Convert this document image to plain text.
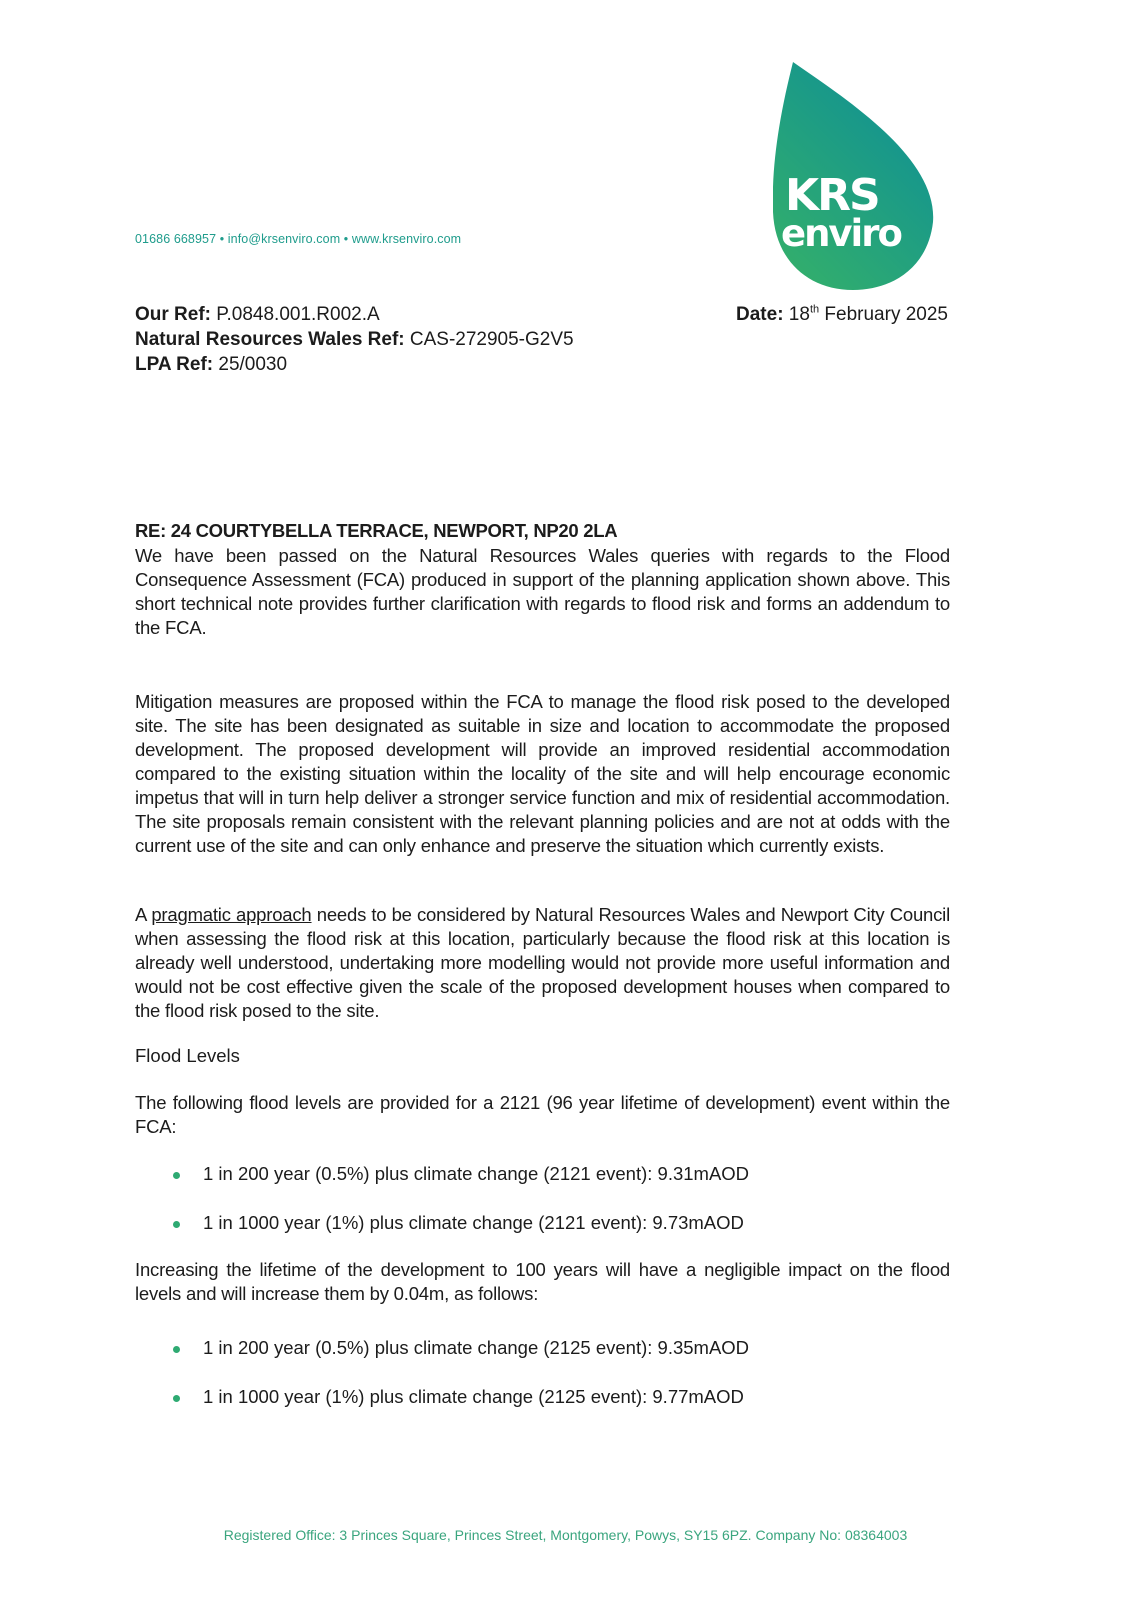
KRS
enviro
01686 668957 • info@krsenviro.com • www.krsenviro.com
Our Ref: P.0848.001.R002.A
Natural Resources Wales Ref: CAS-272905-G2V5
LPA Ref: 25/0030
Date: 18th February 2025
RE: 24 COURTYBELLA TERRACE, NEWPORT, NP20 2LA
We have been passed on the Natural Resources Wales queries with regards to the Flood Consequence Assessment (FCA) produced in support of the planning application shown above. This short technical note provides further clarification with regards to flood risk and forms an addendum to the FCA.
Mitigation measures are proposed within the FCA to manage the flood risk posed to the developed site. The site has been designated as suitable in size and location to accommodate the proposed development. The proposed development will provide an improved residential accommodation compared to the existing situation within the locality of the site and will help encourage economic impetus that will in turn help deliver a stronger service function and mix of residential accommodation. The site proposals remain consistent with the relevant planning policies and are not at odds with the current use of the site and can only enhance and preserve the situation which currently exists.
A pragmatic approach needs to be considered by Natural Resources Wales and Newport City Council when assessing the flood risk at this location, particularly because the flood risk at this location is already well understood, undertaking more modelling would not provide more useful information and would not be cost effective given the scale of the proposed development houses when compared to the flood risk posed to the site.
Flood Levels
The following flood levels are provided for a 2121 (96 year lifetime of development) event within the FCA:
1 in 200 year (0.5%) plus climate change (2121 event): 9.31mAOD
1 in 1000 year (1%) plus climate change (2121 event): 9.73mAOD
Increasing the lifetime of the development to 100 years will have a negligible impact on the flood levels and will increase them by 0.04m, as follows:
1 in 200 year (0.5%) plus climate change (2125 event): 9.35mAOD
1 in 1000 year (1%) plus climate change (2125 event): 9.77mAOD
Registered Office: 3 Princes Square, Princes Street, Montgomery, Powys, SY15 6PZ. Company No: 08364003
